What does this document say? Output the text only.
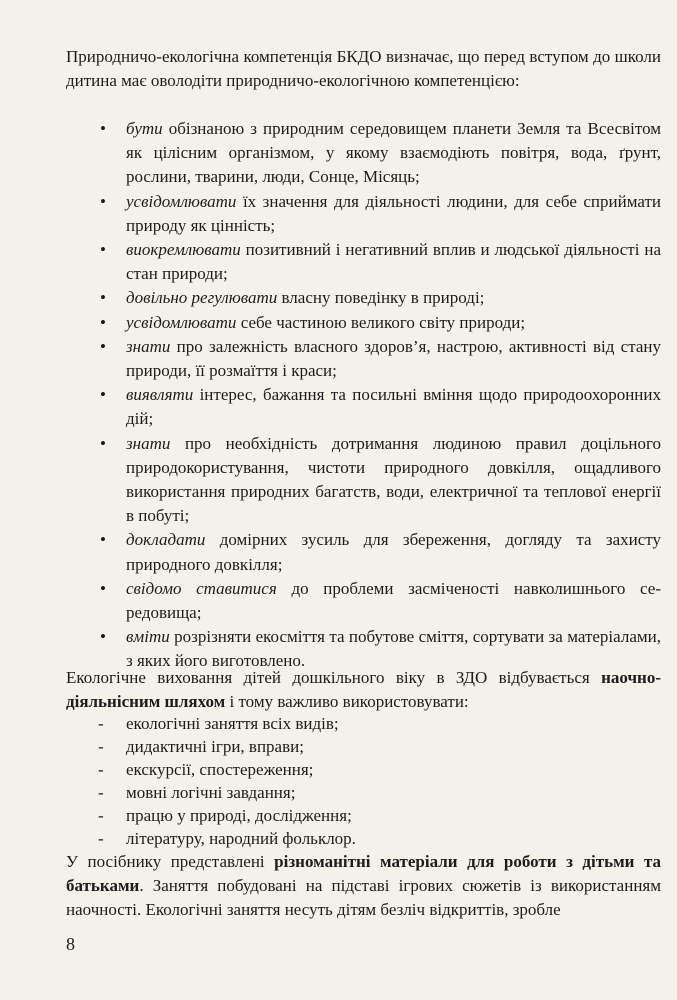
Природничо-екологічна компетенція БКДО визначає, що перед вступом до школи дитина має оволодіти природничо-екологічною компетенцією:

• бути обізнаною з природним середовищем планети Земля та Всесвітом як цілісним організмом, у якому взаємодіють повітря, вода, ґрунт, рослини, тварини, люди, Сонце, Місяць;
• усвідомлювати їх значення для діяльності людини, для себе сприймати природу як цінність;
• виокремлювати позитивний і негативний вплив и людської діяльності на стан природи;
• довільно регулювати власну поведінку в природі;
• усвідомлювати себе частиною великого світу природи;
• знати про залежність власного здоров’я, настрою, активності від стану природи, її розмаїття і краси;
• виявляти інтерес, бажання та посильні вміння щодо природоохоронних дій;
• знати про необхідність дотримання людиною правил доцільного природокористування, чистоти природного довкілля, ощадливого використання природних багатств, води, електричної та теплової енергії в побуті;
• докладати домірних зусиль для збереження, догляду та захисту природного довкілля;
• свідомо ставитися до проблеми засміченості навколишнього середовища;
• вміти розрізняти екосміття та побутове сміття, сортувати за матеріалами, з яких його виготовлено.

Екологічне виховання дітей дошкільного віку в ЗДО відбувається наочно-діяльнісним шляхом і тому важливо використовувати:

- екологічні заняття всіх видів;
- дидактичні ігри, вправи;
- екскурсії, спостереження;
- мовні логічні завдання;
- працю у природі, дослідження;
- літературу, народний фольклор.

У посібнику представлені різноманітні матеріали для роботи з дітьми та батьками. Заняття побудовані на підставі ігрових сюжетів із використанням наочності. Екологічні заняття несуть дітям безліч відкриттів, зробле

8
